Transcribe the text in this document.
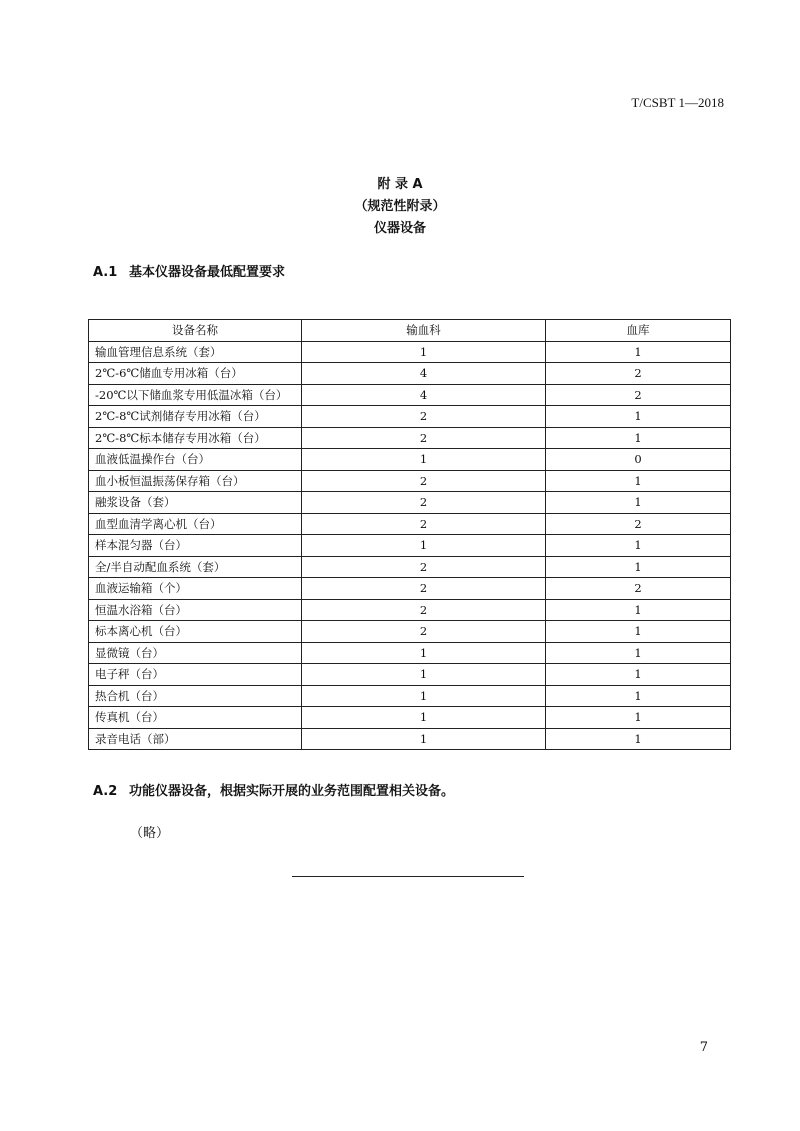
T/CSBT 1—2018
附 录 A
（规范性附录）
仪器设备
A.1 基本仪器设备最低配置要求
设备名称	输血科	血库
输血管理信息系统（套）	1	1
2℃-6℃储血专用冰箱（台）	4	2
-20℃以下储血浆专用低温冰箱（台）	4	2
2℃-8℃试剂储存专用冰箱（台）	2	1
2℃-8℃标本储存专用冰箱（台）	2	1
血液低温操作台（台）	1	0
血小板恒温振荡保存箱（台）	2	1
融浆设备（套）	2	1
血型血清学离心机（台）	2	2
样本混匀器（台）	1	1
全/半自动配血系统（套）	2	1
血液运输箱（个）	2	2
恒温水浴箱（台）	2	1
标本离心机（台）	2	1
显微镜（台）	1	1
电子秤（台）	1	1
热合机（台）	1	1
传真机（台）	1	1
录音电话（部）	1	1
A.2 功能仪器设备，根据实际开展的业务范围配置相关设备。
（略）
7
